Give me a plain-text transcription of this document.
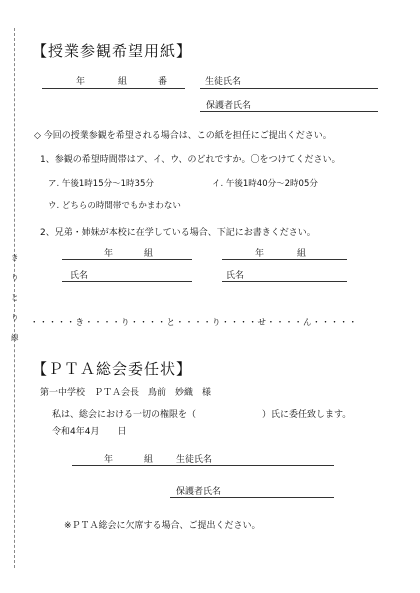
き
り
と
り
線
【授業参観希望用紙】
年	組	番	生徒氏名
保護者氏名
◇ 今回の授業参観を希望される場合は、この紙を担任にご提出ください。
1、参観の希望時間帯はア、イ、ウ、のどれですか。〇をつけてください。
ア. 午後1時15分～1時35分	イ. 午後1時40分～2時05分
ウ. どちらの時間帯でもかまわない
2、兄弟・姉妹が本校に在学している場合、下記にお書きください。
年	組	年	組
氏名	氏名
・・・・・き・・・・り・・・・と・・・・り・・・・せ・・・・ん・・・・・
【ＰＴＡ総会委任状】
第一中学校　ＰＴＡ会長　鳥前　妙織　様
私は、総会における一切の権限を（	）氏に委任致します。
令和4年4月　　日
年	組	生徒氏名
保護者氏名
※ＰＴＡ総会に欠席する場合、ご提出ください。
